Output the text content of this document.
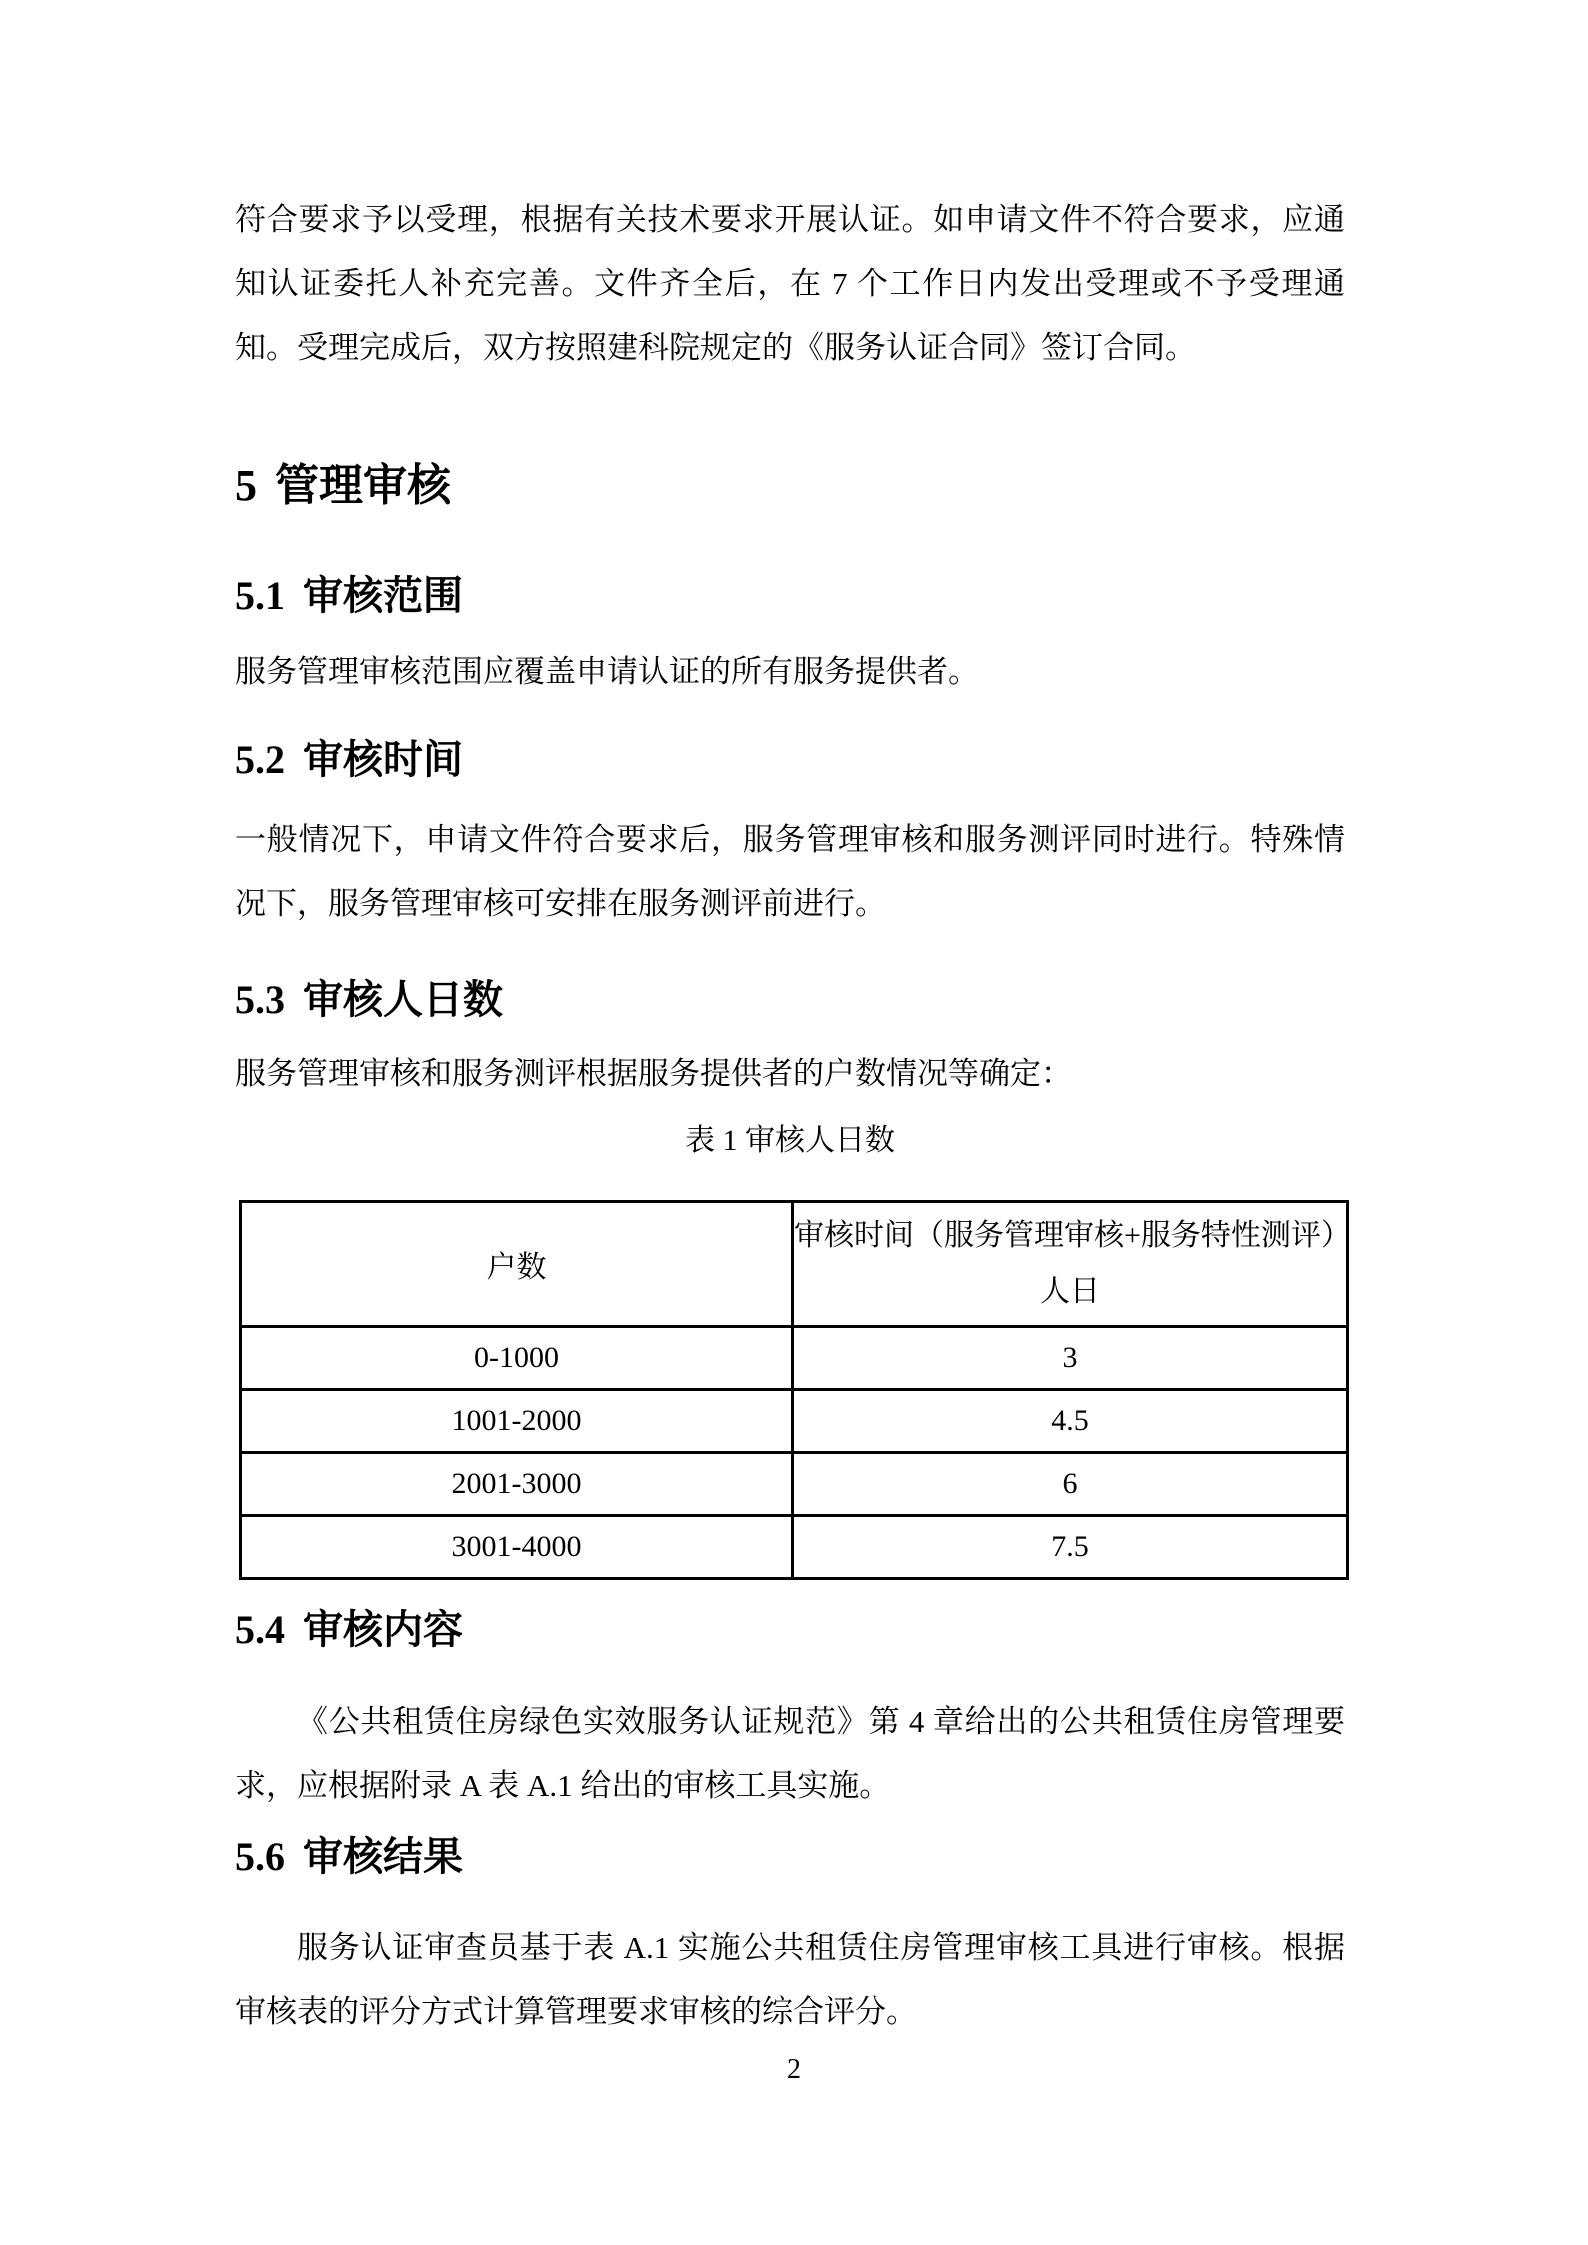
符合要求予以受理，根据有关技术要求开展认证。如申请文件不符合要求，应通知认证委托人补充完善。文件齐全后，在 7 个工作日内发出受理或不予受理通知。受理完成后，双方按照建科院规定的《服务认证合同》签订合同。

5 管理审核
5.1 审核范围

服务管理审核范围应覆盖申请认证的所有服务提供者。

5.2 审核时间

一般情况下，申请文件符合要求后，服务管理审核和服务测评同时进行。特殊情况下，服务管理审核可安排在服务测评前进行。

5.3 审核人日数

服务管理审核和服务测评根据服务提供者的户数情况等确定：

表 1 审核人日数
户数	审核时间（服务管理审核+服务特性测评）
人日

0-1000	3
1001-2000	4.5
2001-3000	6
3001-4000	7.5
5.4 审核内容

《公共租赁住房绿色实效服务认证规范》第 4 章给出的公共租赁住房管理要求，应根据附录 A 表 A.1 给出的审核工具实施。

5.6 审核结果

服务认证审查员基于表 A.1 实施公共租赁住房管理审核工具进行审核。根据审核表的评分方式计算管理要求审核的综合评分。

2
